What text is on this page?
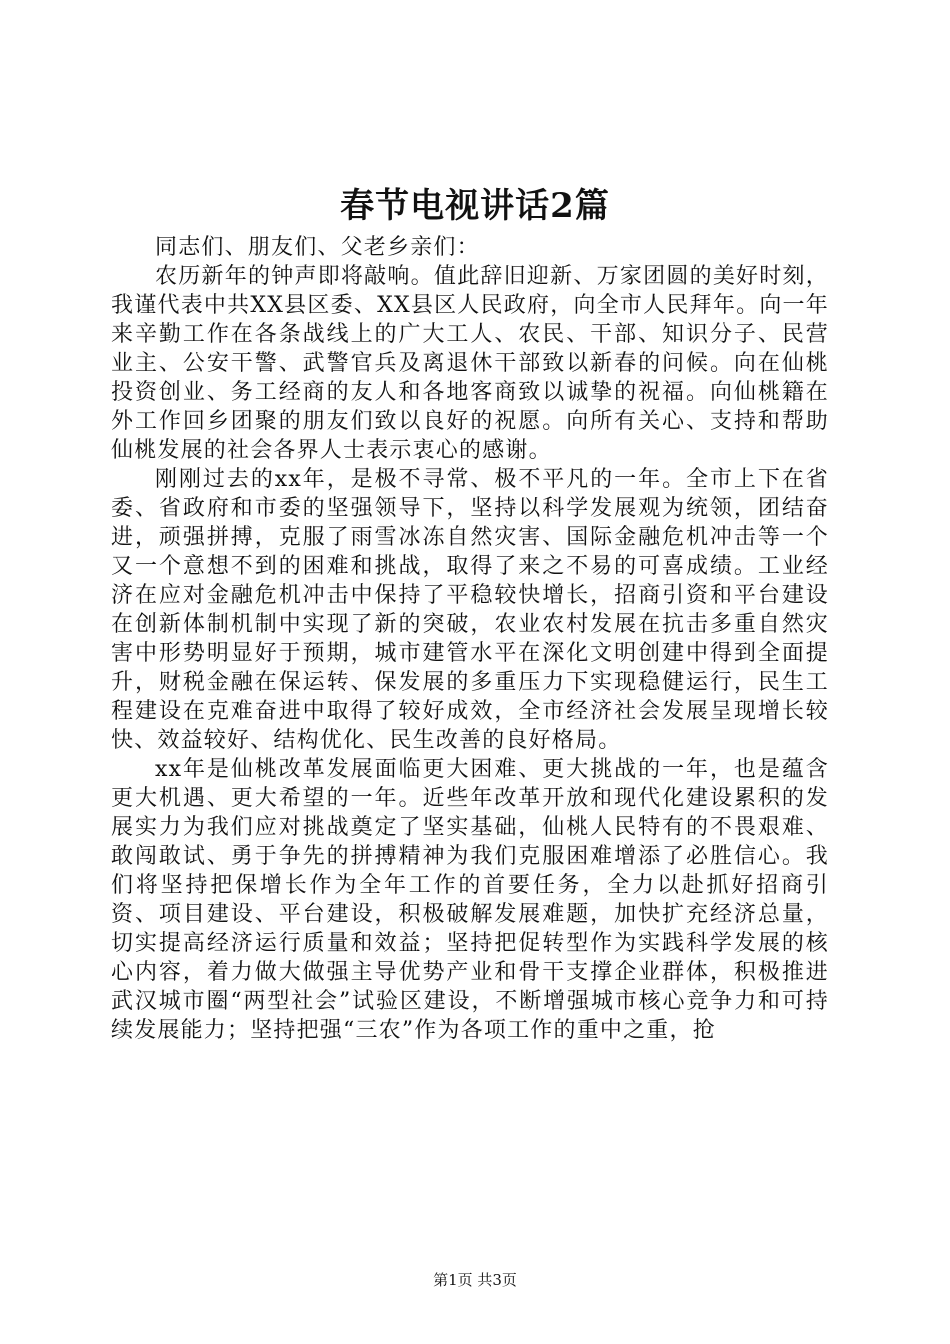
春节电视讲话2篇

同志们、朋友们、父老乡亲们：

农历新年的钟声即将敲响。值此辞旧迎新、万家团圆的美好时刻，我谨代表中共XX县区委、XX县区人民政府，向全市人民拜年。向一年来辛勤工作在各条战线上的广大工人、农民、干部、知识分子、民营业主、公安干警、武警官兵及离退休干部致以新春的问候。向在仙桃投资创业、务工经商的友人和各地客商致以诚挚的祝福。向仙桃籍在外工作回乡团聚的朋友们致以良好的祝愿。向所有关心、支持和帮助仙桃发展的社会各界人士表示衷心的感谢。

刚刚过去的xx年，是极不寻常、极不平凡的一年。全市上下在省委、省政府和市委的坚强领导下，坚持以科学发展观为统领，团结奋进，顽强拼搏，克服了雨雪冰冻自然灾害、国际金融危机冲击等一个又一个意想不到的困难和挑战，取得了来之不易的可喜成绩。工业经济在应对金融危机冲击中保持了平稳较快增长，招商引资和平台建设在创新体制机制中实现了新的突破，农业农村发展在抗击多重自然灾害中形势明显好于预期，城市建管水平在深化文明创建中得到全面提升，财税金融在保运转、保发展的多重压力下实现稳健运行，民生工程建设在克难奋进中取得了较好成效，全市经济社会发展呈现增长较快、效益较好、结构优化、民生改善的良好格局。

xx年是仙桃改革发展面临更大困难、更大挑战的一年，也是蕴含更大机遇、更大希望的一年。近些年改革开放和现代化建设累积的发展实力为我们应对挑战奠定了坚实基础，仙桃人民特有的不畏艰难、敢闯敢试、勇于争先的拼搏精神为我们克服困难增添了必胜信心。我们将坚持把保增长作为全年工作的首要任务，全力以赴抓好招商引资、项目建设、平台建设，积极破解发展难题，加快扩充经济总量，切实提高经济运行质量和效益；坚持把促转型作为实践科学发展的核心内容，着力做大做强主导优势产业和骨干支撑企业群体，积极推进武汉城市圈“两型社会”试验区建设，不断增强城市核心竞争力和可持续发展能力；坚持把强“三农”作为各项工作的重中之重，抢

第1页 共3页
